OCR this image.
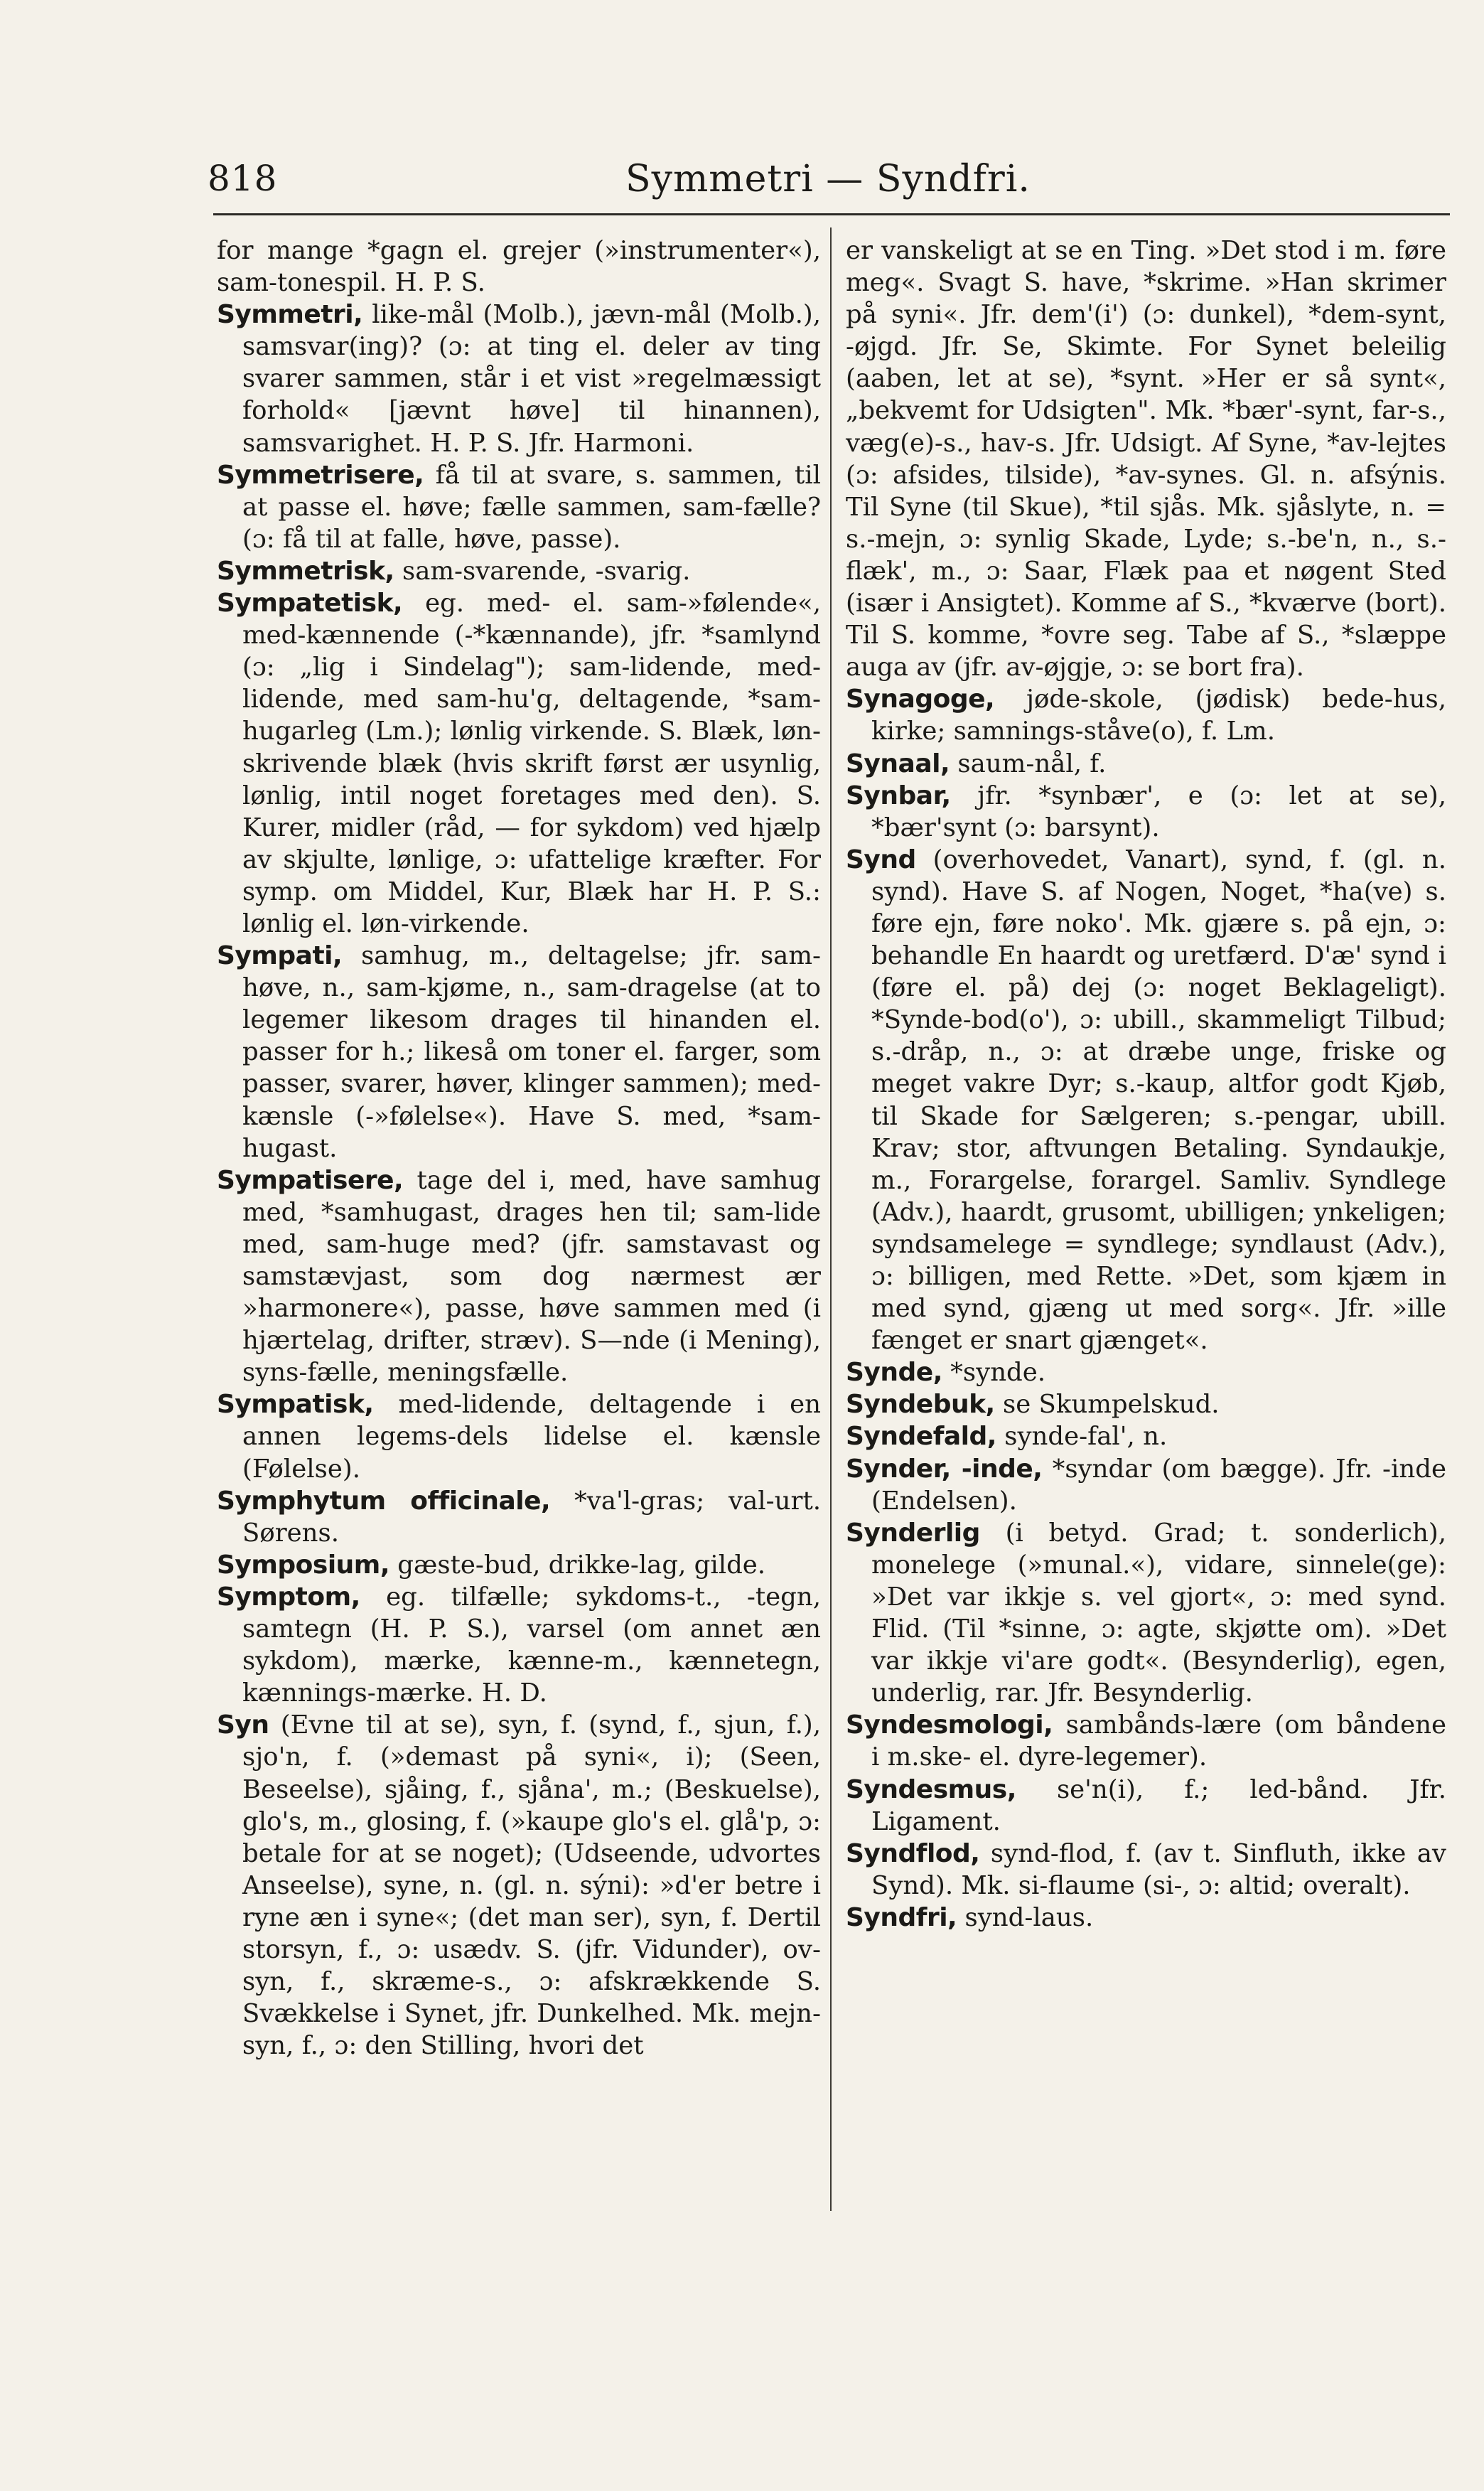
818	Symmetri — Syndfri.

for mange *gagn el. grejer (»instrumenter«), sam-tonespil. H. P. S.

Symmetri, like-mål (Molb.), jævn-mål (Molb.), samsvar(ing)? (ɔ: at ting el. deler av ting svarer sammen, står i et vist »regelmæssigt forhold« [jævnt høve] til hinannen), samsvarighet. H. P. S. Jfr. Harmoni.

Symmetrisere, få til at svare, s. sammen, til at passe el. høve; fælle sammen, sam-fælle? (ɔ: få til at falle, høve, passe).

Symmetrisk, sam-svarende, -svarig.

Sympatetisk, eg. med- el. sam-»følende«, med-kænnende (-*kænnande), jfr. *samlynd (ɔ: „lig i Sindelag"); sam-lidende, med-lidende, med sam-hu'g, deltagende, *sam-hugarleg (Lm.); lønlig virkende. S. Blæk, løn-skrivende blæk (hvis skrift først ær usynlig, lønlig, intil noget foretages med den). S. Kurer, midler (råd, — for sykdom) ved hjælp av skjulte, lønlige, ɔ: ufattelige kræfter. For symp. om Middel, Kur, Blæk har H. P. S.: lønlig el. løn-virkende.

Sympati, samhug, m., deltagelse; jfr. sam-høve, n., sam-kjøme, n., sam-dragelse (at to legemer likesom drages til hinanden el. passer for h.; likeså om toner el. farger, som passer, svarer, høver, klinger sammen); med-kænsle (-»følelse«). Have S. med, *sam-hugast.

Sympatisere, tage del i, med, have samhug med, *samhugast, drages hen til; sam-lide med, sam-huge med? (jfr. samstavast og samstævjast, som dog nærmest ær »harmonere«), passe, høve sammen med (i hjærtelag, drifter, stræv). S—nde (i Mening), syns-fælle, meningsfælle.

Sympatisk, med-lidende, deltagende i en annen legems-dels lidelse el. kænsle (Følelse).

Symphytum officinale, *va'l-gras; val-urt. Sørens.

Symposium, gæste-bud, drikke-lag, gilde.

Symptom, eg. tilfælle; sykdoms-t., -tegn, samtegn (H. P. S.), varsel (om annet æn sykdom), mærke, kænne-m., kænnetegn, kænnings-mærke. H. D.

Syn (Evne til at se), syn, f. (synd, f., sjun, f.), sjo'n, f. (»demast på syni«, i); (Seen, Beseelse), sjåing, f., sjåna', m.; (Beskuelse), glo's, m., glosing, f. (»kaupe glo's el. glå'p, ɔ: betale for at se noget); (Udseende, udvortes Anseelse), syne, n. (gl. n. sýni): »d'er betre i ryne æn i syne«; (det man ser), syn, f. Dertil storsyn, f., ɔ: usædv. S. (jfr. Vidunder), ov-syn, f., skræme-s., ɔ: afskrækkende S. Svækkelse i Synet, jfr. Dunkelhed. Mk. mejn-syn, f., ɔ: den Stilling, hvori det

er vanskeligt at se en Ting. »Det stod i m. føre meg«. Svagt S. have, *skrime. »Han skrimer på syni«. Jfr. dem'(i') (ɔ: dunkel), *dem-synt, -øjgd. Jfr. Se, Skimte. For Synet beleilig (aaben, let at se), *synt. »Her er så synt«, „bekvemt for Udsigten". Mk. *bær'-synt, far-s., væg(e)-s., hav-s. Jfr. Udsigt. Af Syne, *av-lejtes (ɔ: afsides, tilside), *av-synes. Gl. n. afsýnis. Til Syne (til Skue), *til sjås. Mk. sjåslyte, n. = s.-mejn, ɔ: synlig Skade, Lyde; s.-be'n, n., s.-flæk', m., ɔ: Saar, Flæk paa et nøgent Sted (især i Ansigtet). Komme af S., *kværve (bort). Til S. komme, *ovre seg. Tabe af S., *slæppe auga av (jfr. av-øjgje, ɔ: se bort fra).

Synagoge, jøde-skole, (jødisk) bede-hus, kirke; samnings-ståve(o), f. Lm.

Synaal, saum-nål, f.

Synbar, jfr. *synbær', e (ɔ: let at se), *bær'synt (ɔ: barsynt).

Synd (overhovedet, Vanart), synd, f. (gl. n. synd). Have S. af Nogen, Noget, *ha(ve) s. føre ejn, føre noko'. Mk. gjære s. på ejn, ɔ: behandle En haardt og uretfærd. D'æ' synd i (føre el. på) dej (ɔ: noget Beklageligt). *Synde-bod(o'), ɔ: ubill., skammeligt Tilbud; s.-dråp, n., ɔ: at dræbe unge, friske og meget vakre Dyr; s.-kaup, altfor godt Kjøb, til Skade for Sælgeren; s.-pengar, ubill. Krav; stor, aftvungen Betaling. Syndaukje, m., Forargelse, forargel. Samliv. Syndlege (Adv.), haardt, grusomt, ubilligen; ynkeligen; syndsamelege = syndlege; syndlaust (Adv.), ɔ: billigen, med Rette. »Det, som kjæm in med synd, gjæng ut med sorg«. Jfr. »ille fænget er snart gjænget«.

Synde, *synde.

Syndebuk, se Skumpelskud.

Syndefald, synde-fal', n.

Synder, -inde, *syndar (om bægge). Jfr. -inde (Endelsen).

Synderlig (i betyd. Grad; t. sonderlich), monelege (»munal.«), vidare, sinnele(ge): »Det var ikkje s. vel gjort«, ɔ: med synd. Flid. (Til *sinne, ɔ: agte, skjøtte om). »Det var ikkje vi'are godt«. (Besynderlig), egen, underlig, rar. Jfr. Besynderlig.

Syndesmologi, sambånds-lære (om båndene i m.ske- el. dyre-legemer).

Syndesmus, se'n(i), f.; led-bånd. Jfr. Ligament.

Syndflod, synd-flod, f. (av t. Sinfluth, ikke av Synd). Mk. si-flaume (si-, ɔ: altid; overalt).

Syndfri, synd-laus.
